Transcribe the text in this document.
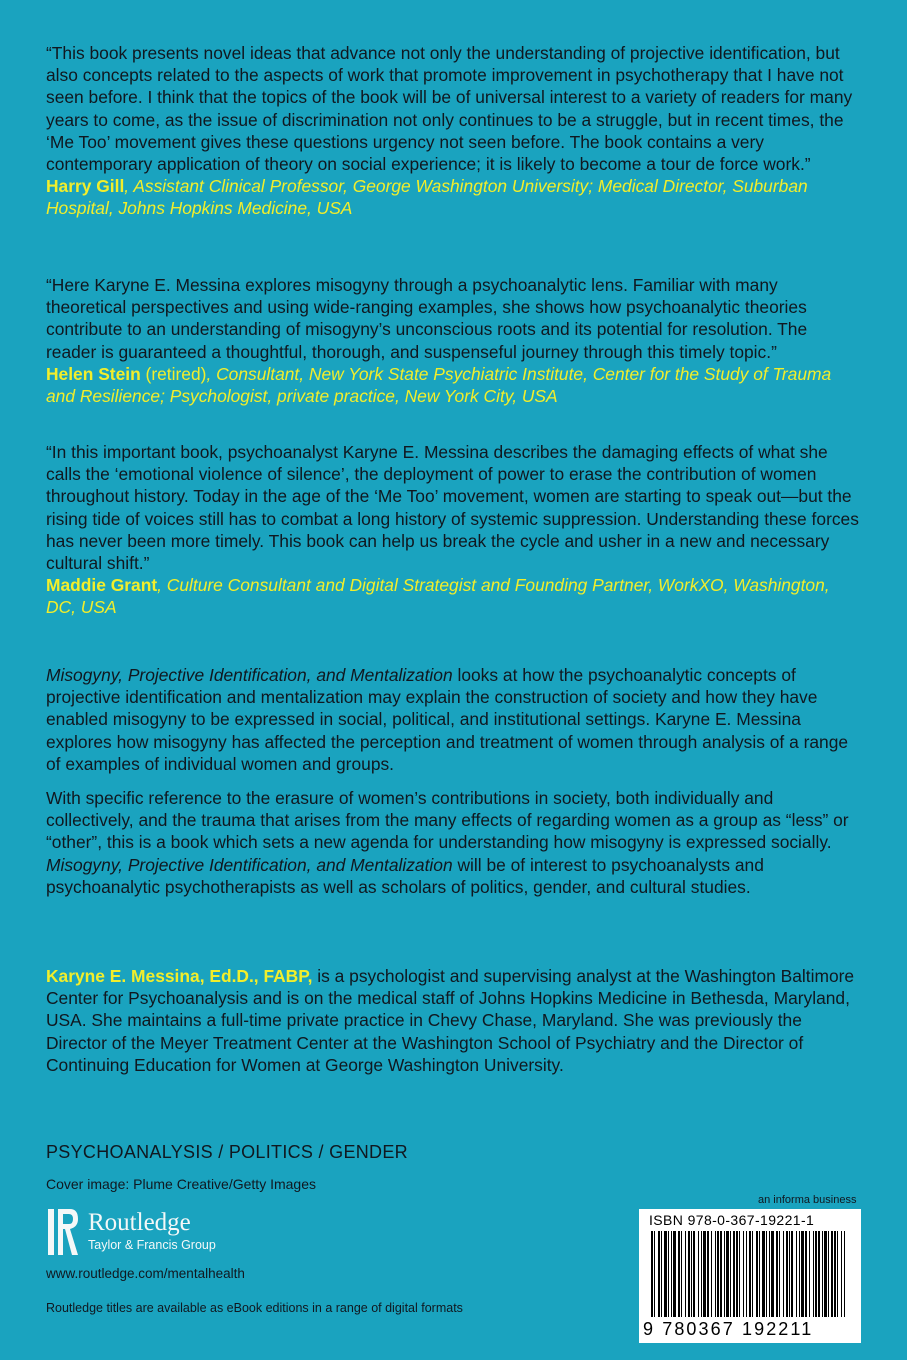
“This book presents novel ideas that advance not only the understanding of projective identification, but also concepts related to the aspects of work that promote improvement in psychotherapy that I have not seen before. I think that the topics of the book will be of universal interest to a variety of readers for many years to come, as the issue of discrimination not only continues to be a struggle, but in recent times, the ‘Me Too’ movement gives these questions urgency not seen before. The book contains a very contemporary application of theory on social experience; it is likely to become a tour de force work.”

Harry Gill, Assistant Clinical Professor, George Washington University; Medical Director, Suburban Hospital, Johns Hopkins Medicine, USA

“Here Karyne E. Messina explores misogyny through a psychoanalytic lens. Familiar with many theoretical perspectives and using wide-ranging examples, she shows how psychoanalytic theories contribute to an understanding of misogyny’s unconscious roots and its potential for resolution. The reader is guaranteed a thoughtful, thorough, and suspenseful journey through this timely topic.”

Helen Stein (retired), Consultant, New York State Psychiatric Institute, Center for the Study of Trauma and Resilience; Psychologist, private practice, New York City, USA

“In this important book, psychoanalyst Karyne E. Messina describes the damaging effects of what she calls the ‘emotional violence of silence’, the deployment of power to erase the contribution of women throughout history. Today in the age of the ‘Me Too’ movement, women are starting to speak out—but the rising tide of voices still has to combat a long history of systemic suppression. Understanding these forces has never been more timely. This book can help us break the cycle and usher in a new and necessary cultural shift.”

Maddie Grant, Culture Consultant and Digital Strategist and Founding Partner, WorkXO, Washington, DC, USA

Misogyny, Projective Identification, and Mentalization looks at how the psychoanalytic concepts of projective identification and mentalization may explain the construction of society and how they have enabled misogyny to be expressed in social, political, and institutional settings. Karyne E. Messina explores how misogyny has affected the perception and treatment of women through analysis of a range of examples of individual women and groups.

With specific reference to the erasure of women’s contributions in society, both individually and collectively, and the trauma that arises from the many effects of regarding women as a group as “less” or “other”, this is a book which sets a new agenda for understanding how misogyny is expressed socially. Misogyny, Projective Identification, and Mentalization will be of interest to psychoanalysts and psychoanalytic psychotherapists as well as scholars of politics, gender, and cultural studies.

Karyne E. Messina, Ed.D., FABP, is a psychologist and supervising analyst at the Washington Baltimore Center for Psychoanalysis and is on the medical staff of Johns Hopkins Medicine in Bethesda, Maryland, USA. She maintains a full-time private practice in Chevy Chase, Maryland. She was previously the Director of the Meyer Treatment Center at the Washington School of Psychiatry and the Director of Continuing Education for Women at George Washington University.

PSYCHOANALYSIS / POLITICS / GENDER
Cover image: Plume Creative/Getty Images
Routledge
Taylor & Francis Group
www.routledge.com/mentalhealth
Routledge titles are available as eBook editions in a range of digital formats
an informa business
ISBN 978-0-367-19221-1
9 780367 192211
